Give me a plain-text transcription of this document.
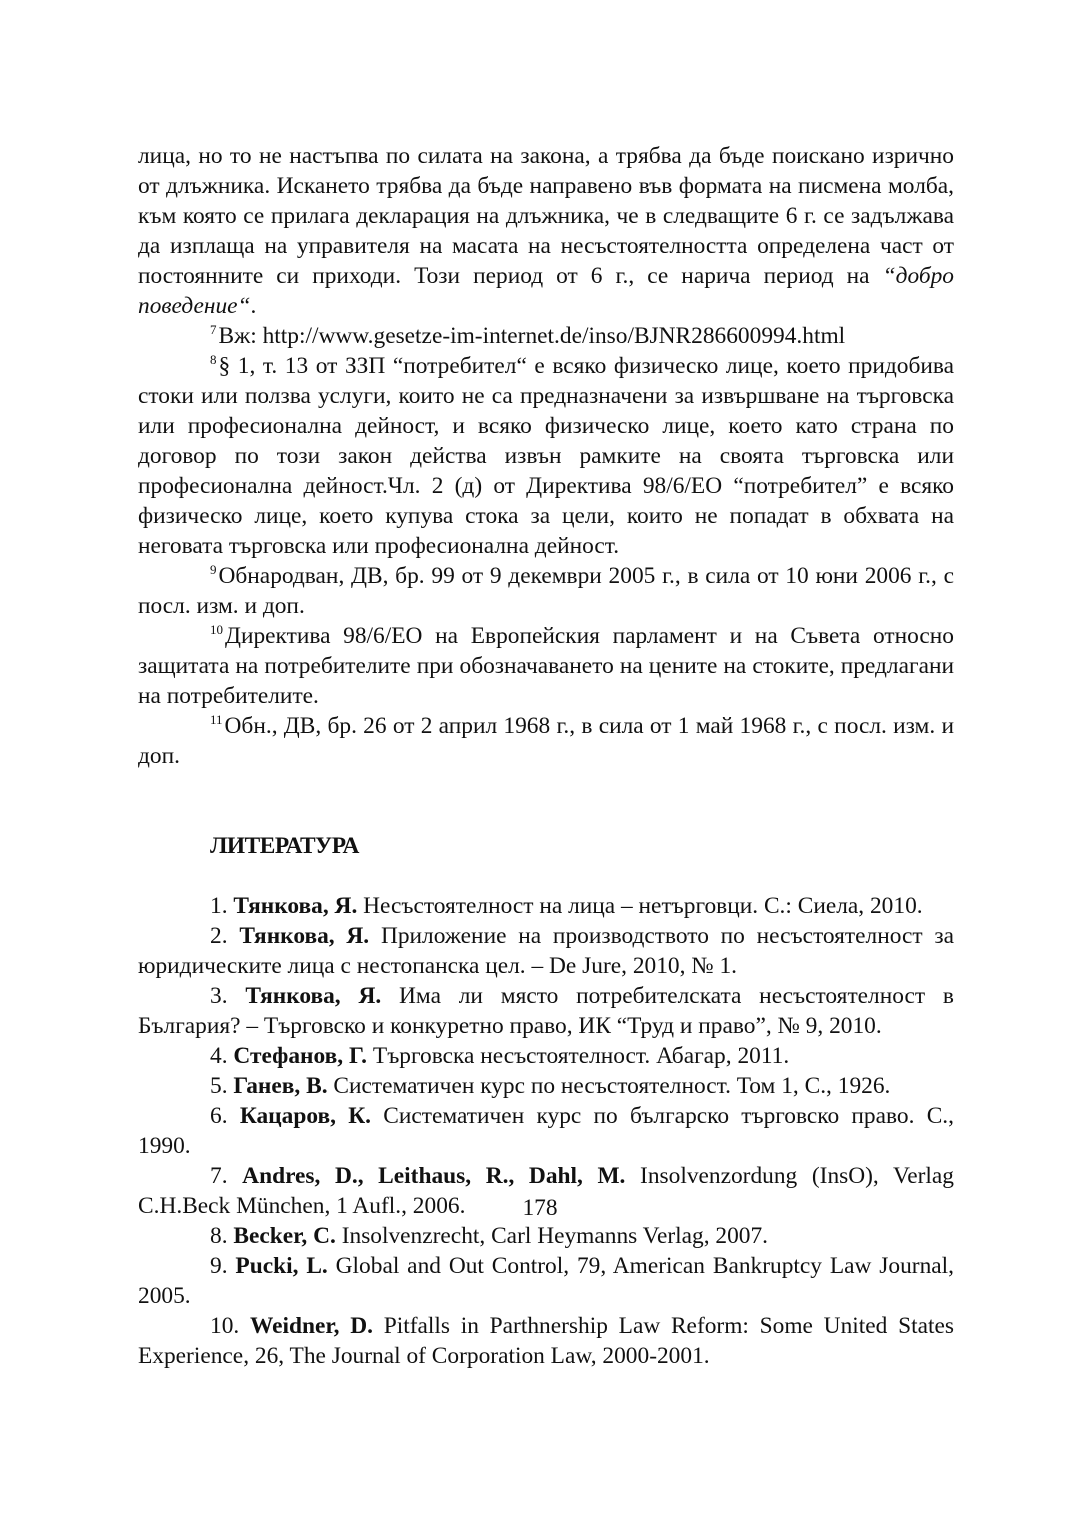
лица, но то не настъпва по силата на закона, а трябва да бъде поискано изрично от длъжника. Искането трябва да бъде направено във формата на писмена молба, към която се прилага декларация на длъжника, че в следващите 6 г. се задължава да изплаща на управителя на масата на несъстоятелността определена част от постоянните си приходи. Този период от 6 г., се нарича период на “добро поведение“.

$^7$Вж: http://www.gesetze-im-internet.de/inso/BJNR286600994.html

$^8$§ 1, т. 13 от ЗЗП “потребител“ е всяко физическо лице, което придобива стоки или ползва услуги, които не са предназначени за извършване на търговска или професионална дейност, и всяко физическо лице, което като страна по договор по този закон действа извън рамките на своята търговска или професионална дейност.Чл. 2 (д) от Директива 98/6/ЕО “потребител” е всяко физическо лице, което купува стока за цели, които не попадат в обхвата на неговата търговска или професионална дейност.

$^9$Обнародван, ДВ, бр. 99 от 9 декември 2005 г., в сила от 10 юни 2006 г., с посл. изм. и доп.

$^{10}$Директива 98/6/ЕО на Европейския парламент и на Съвета относно защитата на потребителите при обозначаването на цените на стоките, предлагани на потребителите.

$^{11}$Обн., ДВ, бр. 26 от 2 април 1968 г., в сила от 1 май 1968 г., с посл. изм. и доп.

ЛИТЕРАТУРА

1. Тянкова, Я. Несъстоятелност на лица – нетърговци. С.: Сиела, 2010.

2. Тянкова, Я. Приложение на производството по несъстоятелност за юридическите лица с нестопанска цел. – De Jure, 2010, № 1.

3. Тянкова, Я. Има ли място потребителската несъстоятелност в България? – Търговско и конкуретно право, ИК “Труд и право”, № 9, 2010.

4. Стефанов, Г. Търговска несъстоятелност. Абагар, 2011.

5. Ганев, В. Систематичен курс по несъстоятелност. Том 1, С., 1926.

6. Кацаров, К. Систематичен курс по българско търговско право. С., 1990.

7. Andres, D., Leithaus, R., Dahl, M. Insolvenzordung (InsO), Verlag C.H.Beck München, 1 Aufl., 2006.

8. Becker, C. Insolvenzrecht, Carl Heymanns Verlag, 2007.

9. Pucki, L. Global and Out Control, 79, American Bankruptcy Law Journal, 2005.

10. Weidner, D. Pitfalls in Parthnership Law Reform: Some United States Experience, 26, The Journal of Corporation Law, 2000-2001.

178
